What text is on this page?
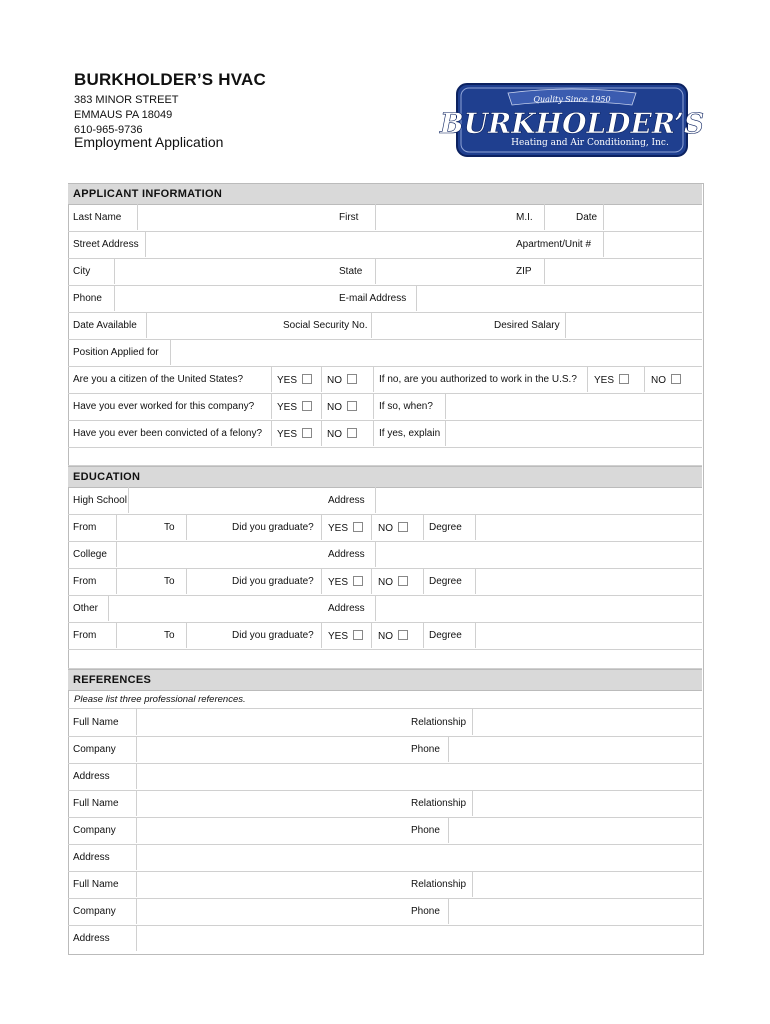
BURKHOLDER’S HVAC
383 MINOR STREET
EMMAUS PA 18049
610-965-9736
Employment Application
Quality Since 1950
BURKHOLDER’S
Heating and Air Conditioning, Inc.
APPLICANT INFORMATION
Last Name	First	M.I.	Date
Street Address	Apartment/Unit #
City	State	ZIP
Phone	E-mail Address
Date Available	Social Security No.	Desired Salary
Position Applied for
Are you a citizen of the United States?	YES	NO	If no, are you authorized to work in the U.S.? YES	NO
Have you ever worked for this company? YES	NO	If so, when?
Have you ever been convicted of a felony? YES	NO	If yes, explain
EDUCATION
High School	Address
From	To	Did you graduate? YES	NO	Degree
College	Address
From	To	Did you graduate? YES	NO	Degree
Other	Address
From	To	Did you graduate? YES	NO	Degree
REFERENCES
Please list three professional references.
Full Name	Relationship
Company	Phone
Address
Full Name	Relationship
Company	Phone
Address
Full Name	Relationship
Company	Phone
Address
